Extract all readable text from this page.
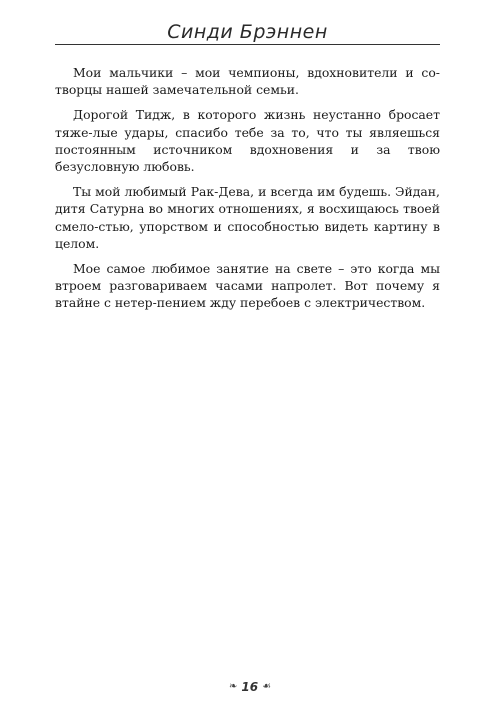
Синди Брэннен

Мои мальчики – мои чемпионы, вдохновители и со-творцы нашей замечательной семьи.

Дорогой Тидж, в которого жизнь неустанно бросает тяже-лые удары, спасибо тебе за то, что ты являешься постоянным источником вдохновения и за твою безусловную любовь.

Ты мой любимый Рак-Дева, и всегда им будешь. Эйдан, дитя Сатурна во многих отношениях, я восхищаюсь твоей смело-стью, упорством и способностью видеть картину в целом.

Мое самое любимое занятие на свете – это когда мы втроем разговариваем часами напролет. Вот почему я втайне с нетер-пением жду перебоев с электричеством.

❧ 16 ☙
